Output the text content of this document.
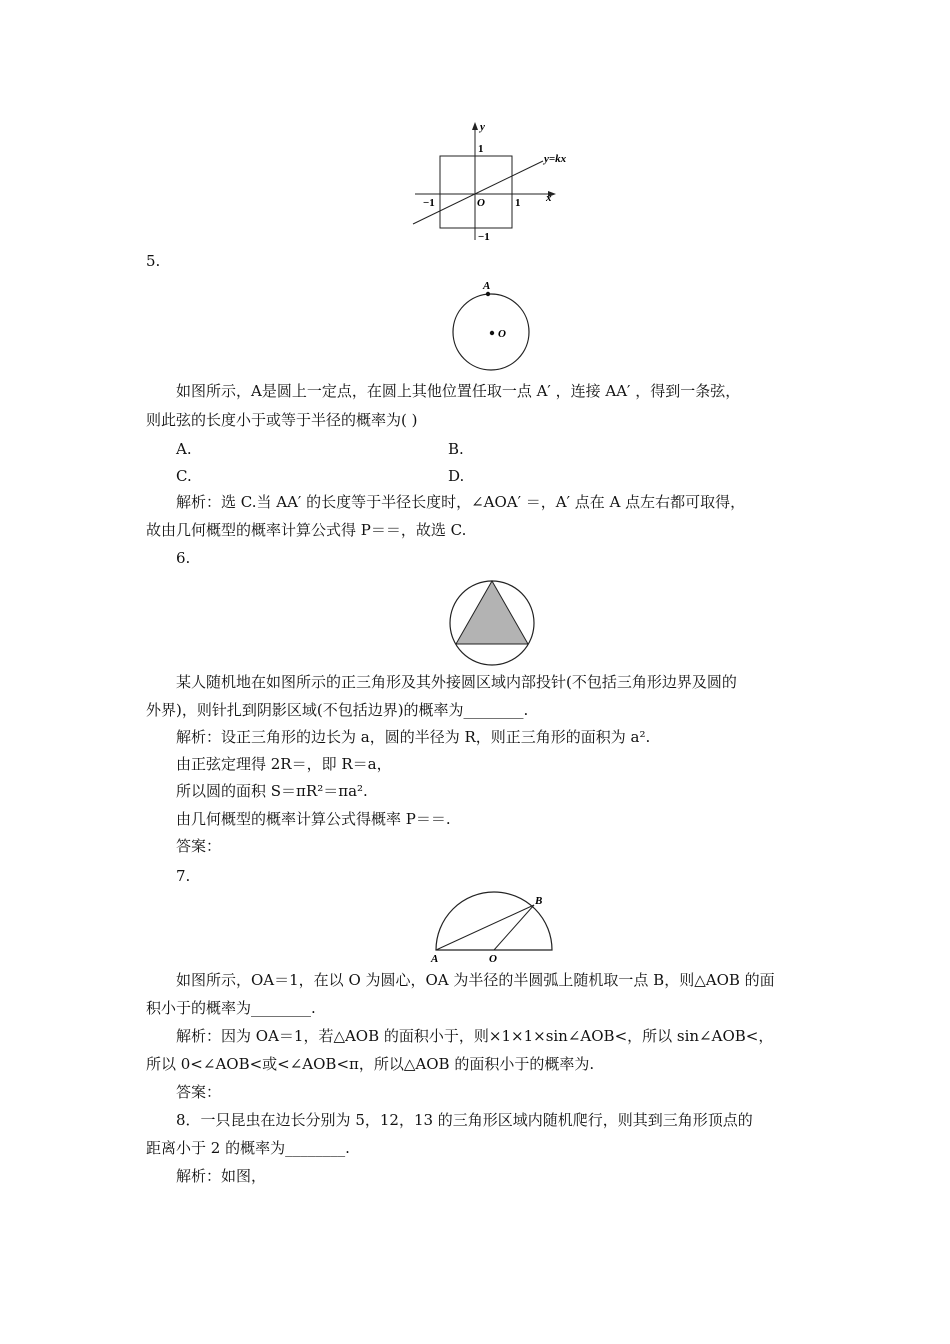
y
x
1
1
−1
−1
O
y=kx
5.
A
O
如图所示，A是圆上一定点，在圆上其他位置任取一点 A′ ，连接 AA′ ，得到一条弦，
则此弦的长度小于或等于半径的概率为( )
A.	B.
C.	D.
解析：选 C.当 AA′ 的长度等于半径长度时，∠AOA′ ＝，A′ 点在 A 点左右都可取得，
故由几何概型的概率计算公式得 P＝＝，故选 C.
6.
某人随机地在如图所示的正三角形及其外接圆区域内部投针(不包括三角形边界及圆的
外界)，则针扎到阴影区域(不包括边界)的概率为________.
解析：设正三角形的边长为 a，圆的半径为 R，则正三角形的面积为 a².
由正弦定理得 2R＝，即 R＝a，
所以圆的面积 S＝πR²＝πa².
由几何概型的概率计算公式得概率 P＝＝.
答案：
7.
A	O
B
如图所示，OA＝1，在以 O 为圆心，OA 为半径的半圆弧上随机取一点 B，则△AOB 的面
积小于的概率为________.
解析：因为 OA＝1，若△AOB 的面积小于，则×1×1×sin∠AOB<，所以 sin∠AOB<，
所以 0<∠AOB<或<∠AOB<π，所以△AOB 的面积小于的概率为.
答案：
8．一只昆虫在边长分别为 5，12，13 的三角形区域内随机爬行，则其到三角形顶点的
距离小于 2 的概率为________.
解析：如图，
